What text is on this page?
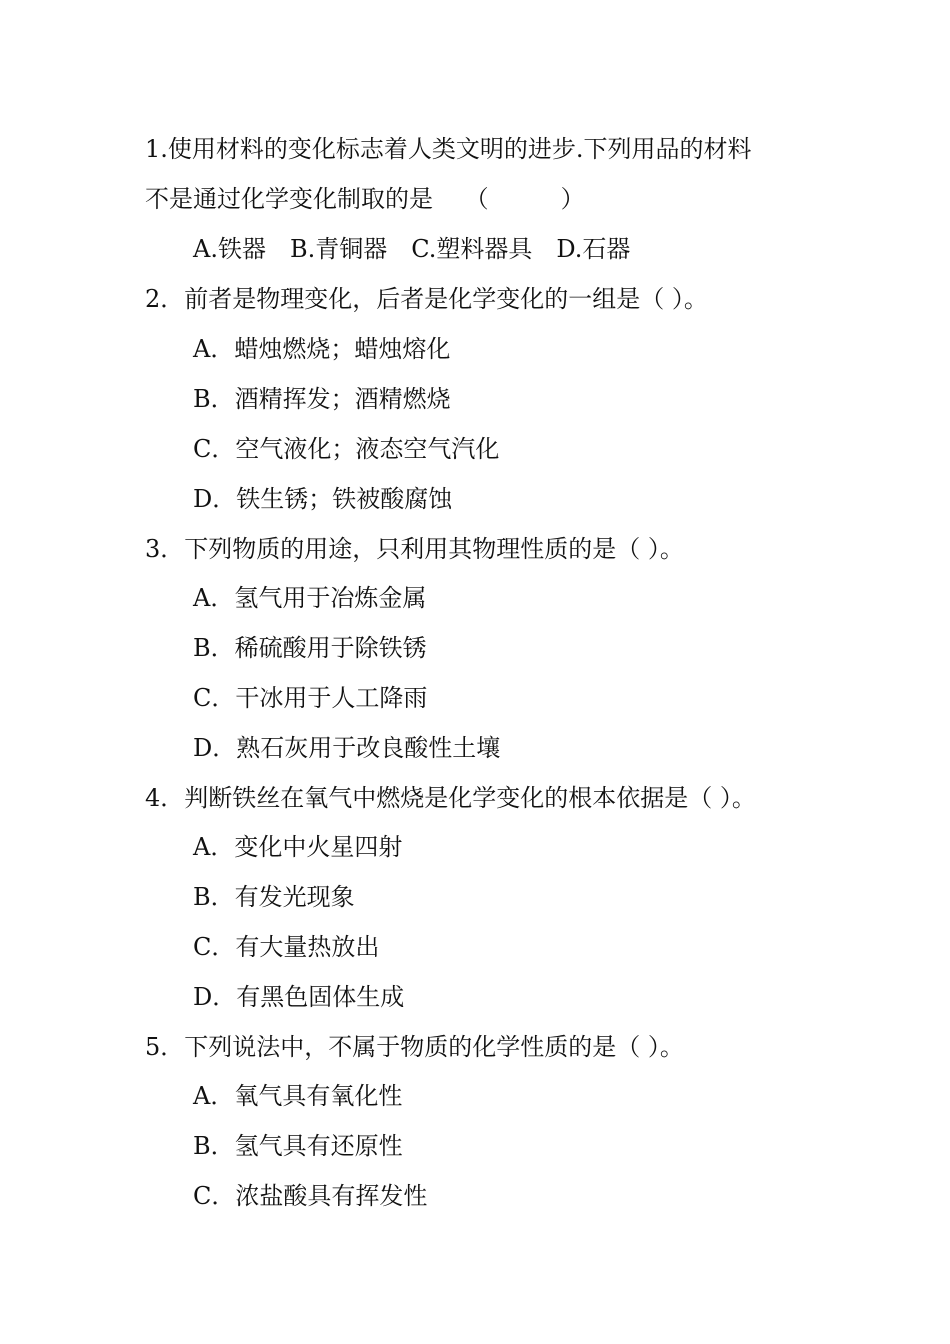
1.使用材料的变化标志着人类文明的进步.下列用品的材料
不是通过化学变化制取的是　 （　　　）
A.铁器　B.青铜器　C.塑料器具　D.石器
2．前者是物理变化，后者是化学变化的一组是（ ）。
A．蜡烛燃烧；蜡烛熔化
B．酒精挥发；酒精燃烧
C．空气液化；液态空气汽化
D．铁生锈；铁被酸腐蚀
3．下列物质的用途，只利用其物理性质的是（ ）。
A．氢气用于冶炼金属
B．稀硫酸用于除铁锈
C．干冰用于人工降雨
D．熟石灰用于改良酸性土壤
4．判断铁丝在氧气中燃烧是化学变化的根本依据是（ ）。
A．变化中火星四射
B．有发光现象
C．有大量热放出
D．有黑色固体生成
5．下列说法中，不属于物质的化学性质的是（ ）。
A．氧气具有氧化性
B．氢气具有还原性
C．浓盐酸具有挥发性
